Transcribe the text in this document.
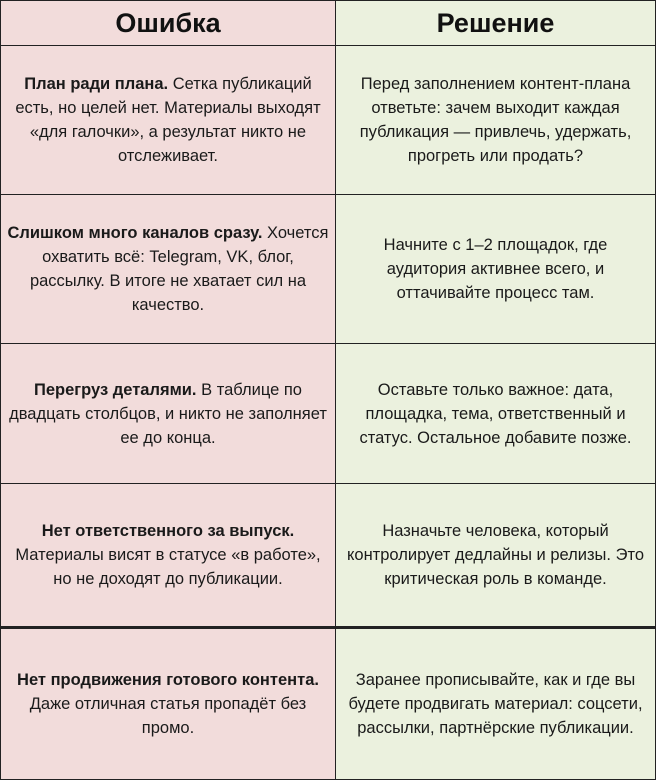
Ошибка	Решение

План ради плана. Сетка публикаций есть, но целей нет. Материалы выходят «для галочки», а результат никто не отслеживает.

Перед заполнением контент-плана ответьте: зачем выходит каждая публикация — привлечь, удержать, прогреть или продать?

Слишком много каналов сразу. Хочется охватить всё: Telegram, VK, блог, рассылку. В итоге не хватает сил на качество.

Начните с 1–2 площадок, где аудитория активнее всего, и оттачивайте процесс там.

Перегруз деталями. В таблице по двадцать столбцов, и никто не заполняет ее до конца.

Оставьте только важное: дата, площадка, тема, ответственный и статус. Остальное добавите позже.

Нет ответственного за выпуск. Материалы висят в статусе «в работе», но не доходят до публикации.

Назначьте человека, который контролирует дедлайны и релизы. Это критическая роль в команде.

Нет продвижения готового контента. Даже отличная статья пропадёт без промо.

Заранее прописывайте, как и где вы будете продвигать материал: соцсети, рассылки, партнёрские публикации.
